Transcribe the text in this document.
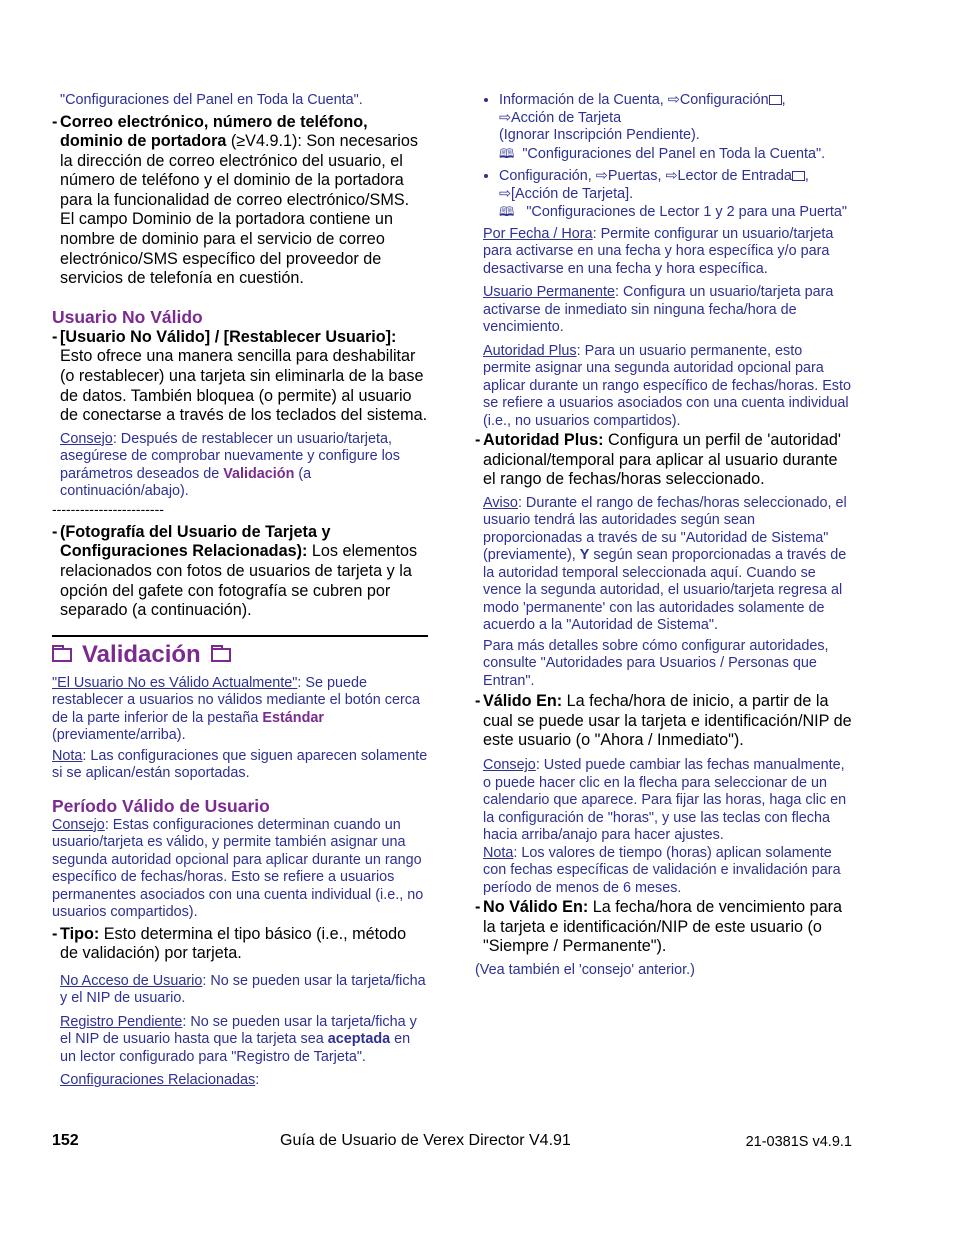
"Configuraciones del Panel en Toda la Cuenta".

- Correo electrónico, número de teléfono, dominio de portadora (≥V4.9.1): Son necesarios la dirección de correo electrónico del usuario, el número de teléfono y el dominio de la portadora para la funcionalidad de correo electrónico/SMS. El campo Dominio de la portadora contiene un nombre de dominio para el servicio de correo electrónico/SMS específico del proveedor de servicios de telefonía en cuestión.

Usuario No Válido

- [Usuario No Válido] / [Restablecer Usuario]: Esto ofrece una manera sencilla para deshabilitar (o restablecer) una tarjeta sin eliminarla de la base de datos. También bloquea (o permite) al usuario de conectarse a través de los teclados del sistema.

Consejo: Después de restablecer un usuario/tarjeta, asegúrese de comprobar nuevamente y configure los parámetros deseados de Validación (a continuación/abajo).
------------------------

- (Fotografía del Usuario de Tarjeta y Configuraciones Relacionadas): Los elementos relacionados con fotos de usuarios de tarjeta y la opción del gafete con fotografía se cubren por separado (a continuación).

Validación
"El Usuario No es Válido Actualmente": Se puede restablecer a usuarios no válidos mediante el botón cerca de la parte inferior de la pestaña Estándar (previamente/arriba).
Nota: Las configuraciones que siguen aparecen solamente si se aplican/están soportadas.
Período Válido de Usuario
Consejo: Estas configuraciones determinan cuando un usuario/tarjeta es válido, y permite también asignar una segunda autoridad opcional para aplicar durante un rango específico de fechas/horas. Esto se refiere a usuarios permanentes asociados con una cuenta individual (i.e., no usuarios compartidos).

- Tipo: Esto determina el tipo básico (i.e., método de validación) por tarjeta.

No Acceso de Usuario: No se pueden usar la tarjeta/ficha y el NIP de usuario.
Registro Pendiente: No se pueden usar la tarjeta/ficha y el NIP de usuario hasta que la tarjeta sea aceptada en un lector configurado para "Registro de Tarjeta".
Configuraciones Relacionadas:
• Información de la Cuenta, ⇨Configuración ,
⇨Acción de Tarjeta
(Ignorar Inscripción Pendiente).
🕮 "Configuraciones del Panel en Toda la Cuenta".
• Configuración, ⇨Puertas, ⇨Lector de Entrada ,
⇨[Acción de Tarjeta].
🕮 "Configuraciones de Lector 1 y 2 para una Puerta"
Por Fecha / Hora: Permite configurar un usuario/tarjeta para activarse en una fecha y hora específica y/o para desactivarse en una fecha y hora específica.
Usuario Permanente: Configura un usuario/tarjeta para activarse de inmediato sin ninguna fecha/hora de vencimiento.
Autoridad Plus: Para un usuario permanente, esto permite asignar una segunda autoridad opcional para aplicar durante un rango específico de fechas/horas. Esto se refiere a usuarios asociados con una cuenta individual (i.e., no usuarios compartidos).

- Autoridad Plus: Configura un perfil de 'autoridad' adicional/temporal para aplicar al usuario durante el rango de fechas/horas seleccionado.

Aviso: Durante el rango de fechas/horas seleccionado, el usuario tendrá las autoridades según sean proporcionadas a través de su "Autoridad de Sistema" (previamente), Y según sean proporcionadas a través de la autoridad temporal seleccionada aquí. Cuando se vence la segunda autoridad, el usuario/tarjeta regresa al modo 'permanente' con las autoridades solamente de acuerdo a la "Autoridad de Sistema".
Para más detalles sobre cómo configurar autoridades, consulte "Autoridades para Usuarios / Personas que Entran".

- Válido En: La fecha/hora de inicio, a partir de la cual se puede usar la tarjeta e identificación/NIP de este usuario (o "Ahora / Inmediato").

Consejo: Usted puede cambiar las fechas manualmente, o puede hacer clic en la flecha para seleccionar de un calendario que aparece. Para fijar las horas, haga clic en la configuración de "horas", y use las teclas con flecha hacia arriba/anajo para hacer ajustes.
Nota: Los valores de tiempo (horas) aplican solamente con fechas específicas de validación e invalidación para período de menos de 6 meses.

- No Válido En: La fecha/hora de vencimiento para la tarjeta e identificación/NIP de este usuario (o "Siempre / Permanente").

(Vea también el 'consejo' anterior.)
152	Guía de Usuario de Verex Director V4.91	21-0381S v4.9.1
